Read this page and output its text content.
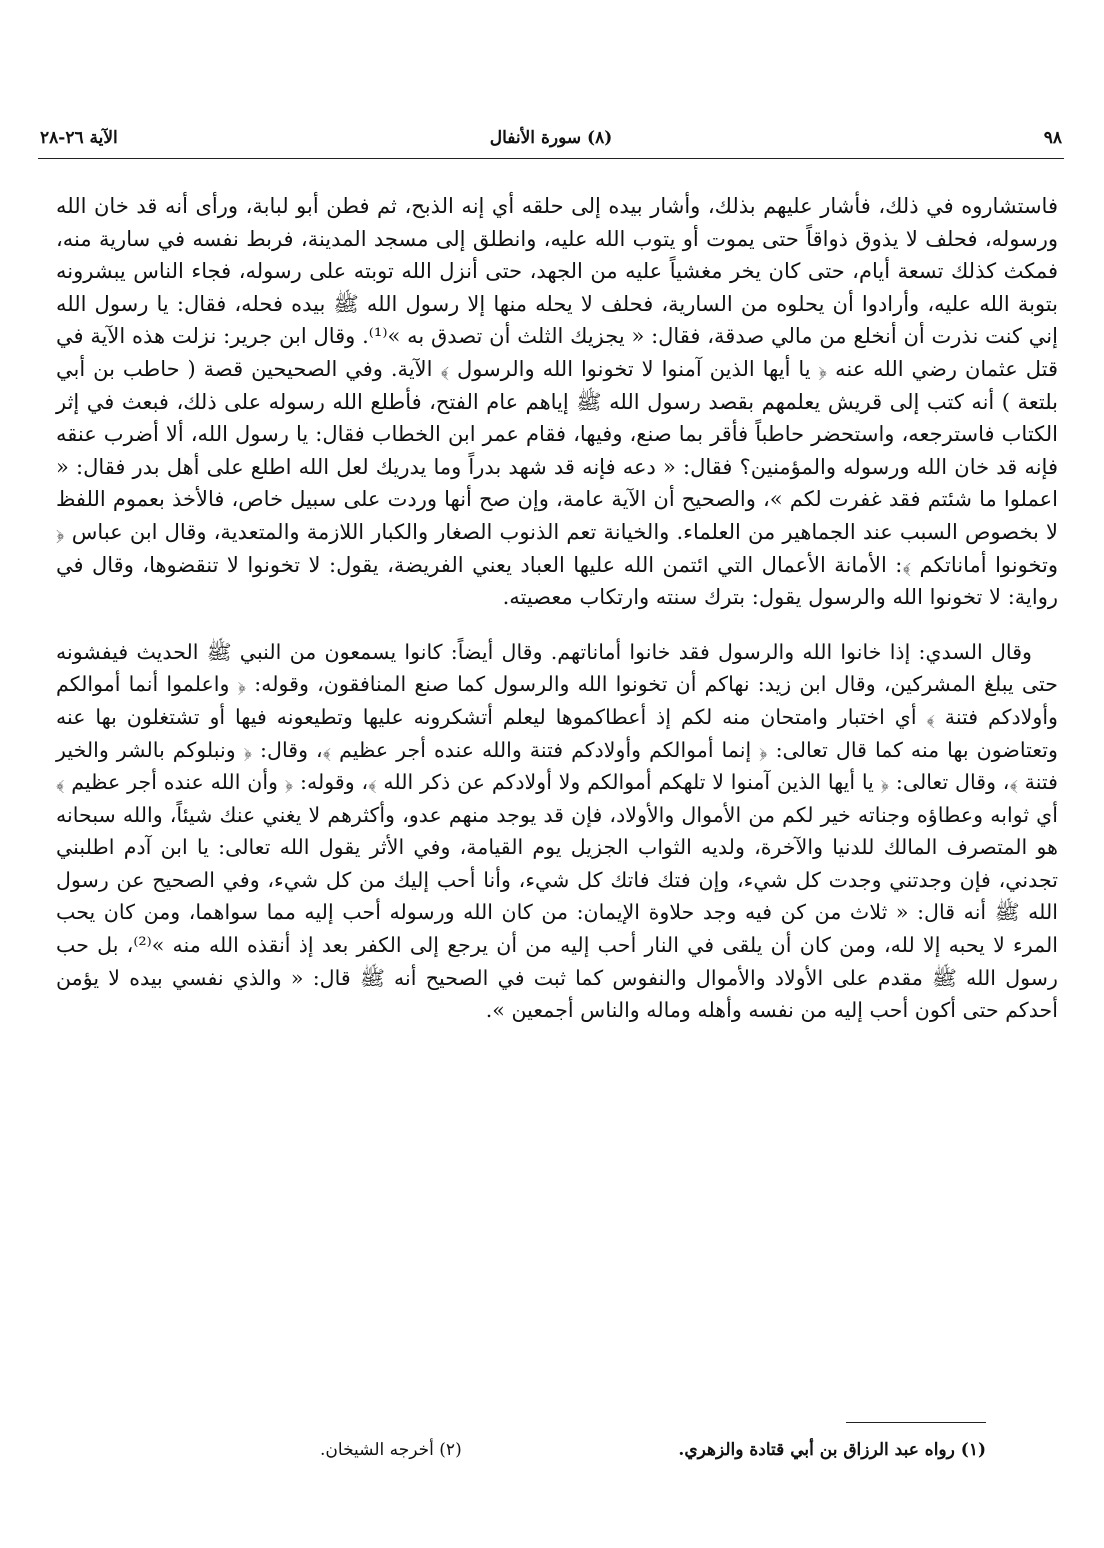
٩٨
(٨) سورة الأنفال
الآية ٢٦-٢٨

فاستشاروه في ذلك، فأشار عليهم بذلك، وأشار بيده إلى حلقه أي إنه الذبح، ثم فطن أبو لبابة، ورأى أنه قد خان الله ورسوله، فحلف لا يذوق ذواقاً حتى يموت أو يتوب الله عليه، وانطلق إلى مسجد المدينة، فربط نفسه في سارية منه، فمكث كذلك تسعة أيام، حتى كان يخر مغشياً عليه من الجهد، حتى أنزل الله توبته على رسوله، فجاء الناس يبشرونه بتوبة الله عليه، وأرادوا أن يحلوه من السارية، فحلف لا يحله منها إلا رسول الله ﷺ بيده فحله، فقال: يا رسول الله إني كنت نذرت أن أنخلع من مالي صدقة، فقال: « يجزيك الثلث أن تصدق به »⁽¹⁾. وقال ابن جرير: نزلت هذه الآية في قتل عثمان رضي الله عنه ﴿ يا أيها الذين آمنوا لا تخونوا الله والرسول ﴾ الآية. وفي الصحيحين قصة ( حاطب بن أبي بلتعة ) أنه كتب إلى قريش يعلمهم بقصد رسول الله ﷺ إياهم عام الفتح، فأطلع الله رسوله على ذلك، فبعث في إثر الكتاب فاسترجعه، واستحضر حاطباً فأقر بما صنع، وفيها، فقام عمر ابن الخطاب فقال: يا رسول الله، ألا أضرب عنقه فإنه قد خان الله ورسوله والمؤمنين؟ فقال: « دعه فإنه قد شهد بدراً وما يدريك لعل الله اطلع على أهل بدر فقال: « اعملوا ما شئتم فقد غفرت لكم »، والصحيح أن الآية عامة، وإن صح أنها وردت على سبيل خاص، فالأخذ بعموم اللفظ لا بخصوص السبب عند الجماهير من العلماء. والخيانة تعم الذنوب الصغار والكبار اللازمة والمتعدية، وقال ابن عباس ﴿ وتخونوا أماناتكم ﴾: الأمانة الأعمال التي ائتمن الله عليها العباد يعني الفريضة، يقول: لا تخونوا لا تنقضوها، وقال في رواية: لا تخونوا الله والرسول يقول: بترك سنته وارتكاب معصيته.

وقال السدي: إذا خانوا الله والرسول فقد خانوا أماناتهم. وقال أيضاً: كانوا يسمعون من النبي ﷺ الحديث فيفشونه حتى يبلغ المشركين، وقال ابن زيد: نهاكم أن تخونوا الله والرسول كما صنع المنافقون، وقوله: ﴿ واعلموا أنما أموالكم وأولادكم فتنة ﴾ أي اختبار وامتحان منه لكم إذ أعطاكموها ليعلم أتشكرونه عليها وتطيعونه فيها أو تشتغلون بها عنه وتعتاضون بها منه كما قال تعالى: ﴿ إنما أموالكم وأولادكم فتنة والله عنده أجر عظيم ﴾، وقال: ﴿ ونبلوكم بالشر والخير فتنة ﴾، وقال تعالى: ﴿ يا أيها الذين آمنوا لا تلهكم أموالكم ولا أولادكم عن ذكر الله ﴾، وقوله: ﴿ وأن الله عنده أجر عظيم ﴾ أي ثوابه وعطاؤه وجناته خير لكم من الأموال والأولاد، فإن قد يوجد منهم عدو، وأكثرهم لا يغني عنك شيئاً، والله سبحانه هو المتصرف المالك للدنيا والآخرة، ولديه الثواب الجزيل يوم القيامة، وفي الأثر يقول الله تعالى: يا ابن آدم اطلبني تجدني، فإن وجدتني وجدت كل شيء، وإن فتك فاتك كل شيء، وأنا أحب إليك من كل شيء، وفي الصحيح عن رسول الله ﷺ أنه قال: « ثلاث من كن فيه وجد حلاوة الإيمان: من كان الله ورسوله أحب إليه مما سواهما، ومن كان يحب المرء لا يحبه إلا لله، ومن كان أن يلقى في النار أحب إليه من أن يرجع إلى الكفر بعد إذ أنقذه الله منه »⁽²⁾، بل حب رسول الله ﷺ مقدم على الأولاد والأموال والنفوس كما ثبت في الصحيح أنه ﷺ قال: « والذي نفسي بيده لا يؤمن أحدكم حتى أكون أحب إليه من نفسه وأهله وماله والناس أجمعين ».

(١) رواه عبد الرزاق بن أبي قتادة والزهري.
(٢) أخرجه الشيخان.
